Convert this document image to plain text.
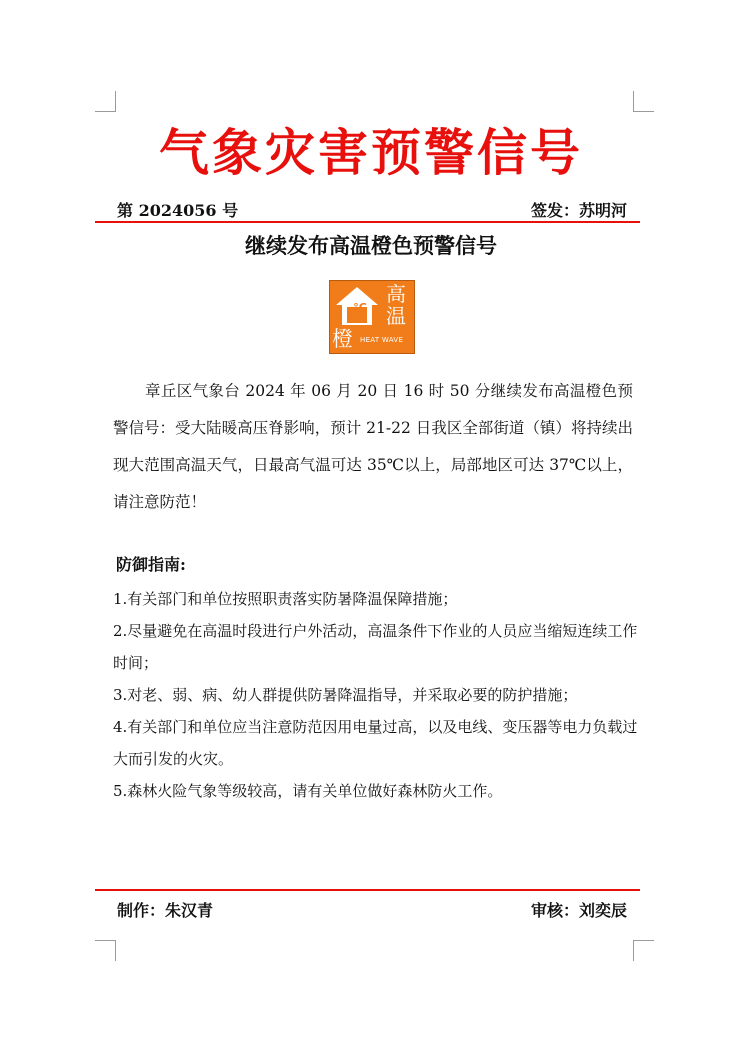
气象灾害预警信号
第 2024056 号	签发：苏明河
继续发布高温橙色预警信号
°C
高
温
橙 HEAT WAVE
章丘区气象台 2024 年 06 月 20 日 16 时 50 分继续发布高温橙色预警信号：受大陆暖高压脊影响，预计 21-22 日我区全部街道（镇）将持续出现大范围高温天气，日最高气温可达 35℃以上，局部地区可达 37℃以上，请注意防范！
防御指南:
1.有关部门和单位按照职责落实防暑降温保障措施；
2.尽量避免在高温时段进行户外活动，高温条件下作业的人员应当缩短连续工作时间；
3.对老、弱、病、幼人群提供防暑降温指导，并采取必要的防护措施；
4.有关部门和单位应当注意防范因用电量过高，以及电线、变压器等电力负载过大而引发的火灾。
5.森林火险气象等级较高，请有关单位做好森林防火工作。
制作：朱汉青	审核：刘奕辰
